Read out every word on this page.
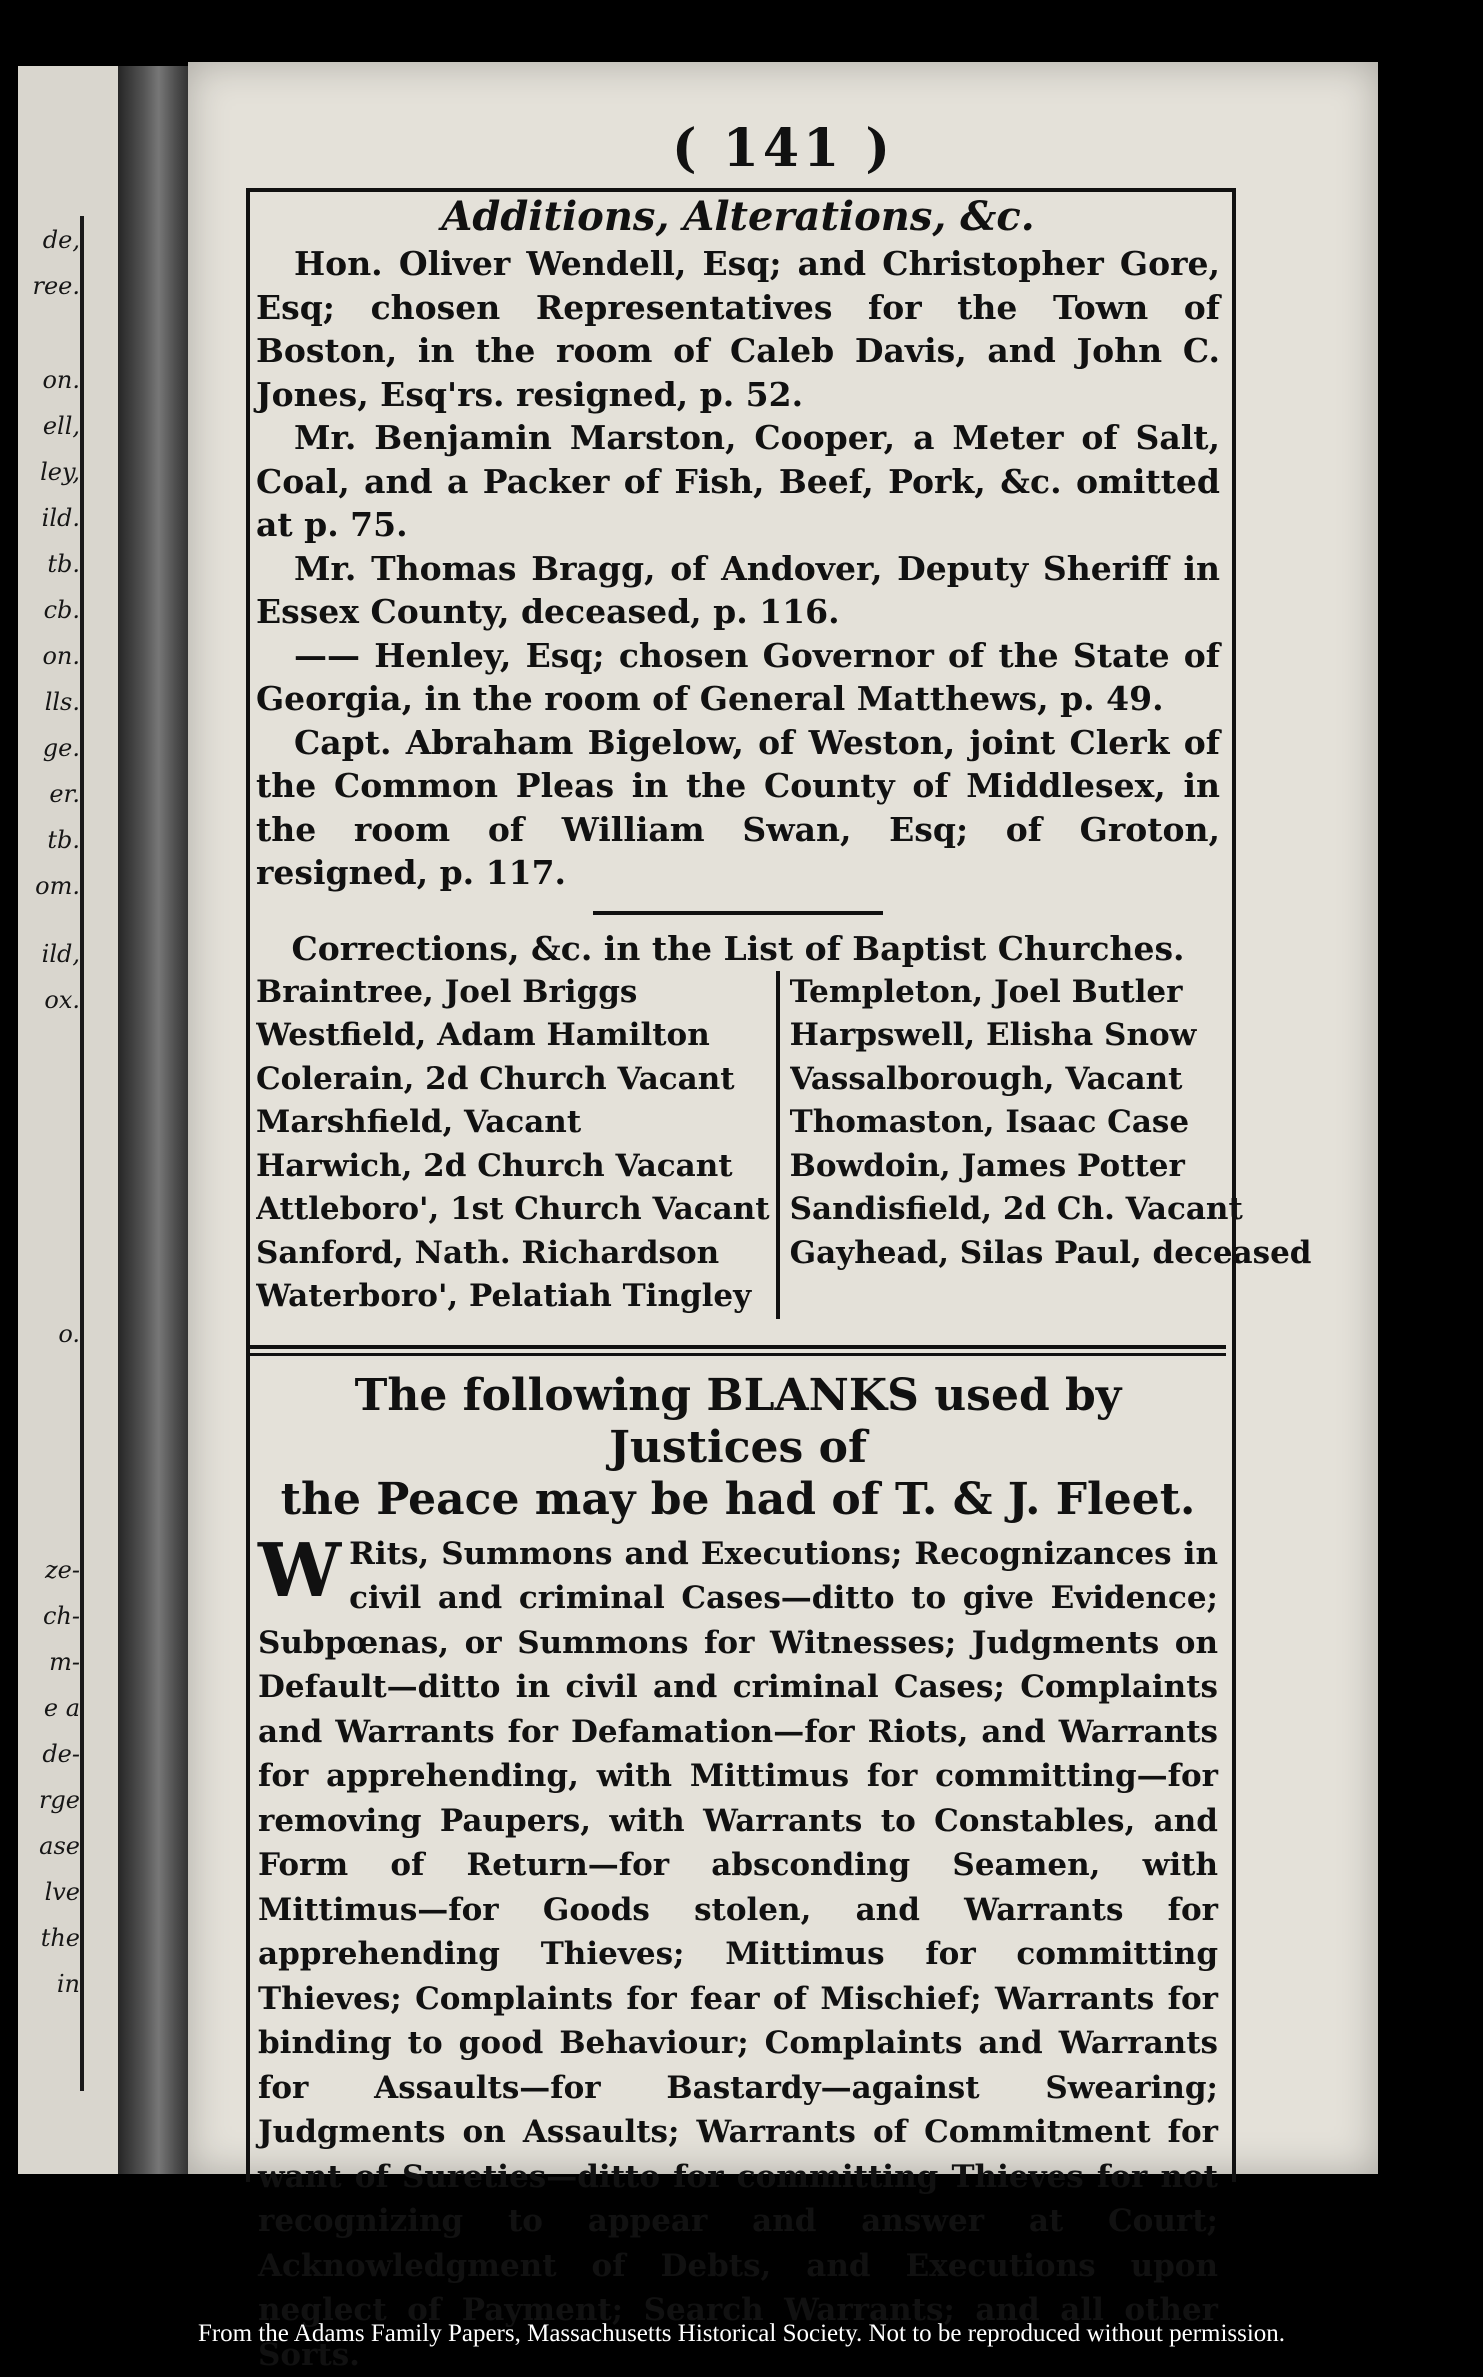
de,
ree.
on.
ell,
ley,
ild.
tb.
cb.
on.
lls.
ge.
er.
tb.
om.
ild,
ox.
o.
ze-
ch-
m-
e a
de-
rge
ase
lve
the
in
( 141 )
Additions, Alterations, &c.

Hon. Oliver Wendell, Esq; and Christopher Gore, Esq; chosen Representatives for the Town of Boston, in the room of Caleb Davis, and John C. Jones, Esq'rs. resigned, p. 52.

Mr. Benjamin Marston, Cooper, a Meter of Salt, Coal, and a Packer of Fish, Beef, Pork, &c. omitted at p. 75.

Mr. Thomas Bragg, of Andover, Deputy Sheriff in Essex County, deceased, p. 116.

—— Henley, Esq; chosen Governor of the State of Georgia, in the room of General Matthews, p. 49.

Capt. Abraham Bigelow, of Weston, joint Clerk of the Common Pleas in the County of Middlesex, in the room of William Swan, Esq; of Groton, resigned, p. 117.

Corrections, &c. in the List of Baptist Churches.

Braintree, Joel Briggs
Westfield, Adam Hamilton
Colerain, 2d Church Vacant
Marshfield, Vacant
Harwich, 2d Church Vacant
Attleboro', 1st Church Vacant
Sanford, Nath. Richardson
Waterboro', Pelatiah Tingley
Templeton, Joel Butler
Harpswell, Elisha Snow
Vassalborough, Vacant
Thomaston, Isaac Case
Bowdoin, James Potter
Sandisfield, 2d Ch. Vacant
Gayhead, Silas Paul, deceased

The following BLANKS used by Justices of

the Peace may be had of T. & J. Fleet.

W Rits, Summons and Executions; Recognizances in civil and criminal Cases—ditto to give Evidence; Subpœnas, or Summons for Witnesses; Judgments on Default—ditto in civil and criminal Cases; Complaints and Warrants for Defamation—for Riots, and Warrants for apprehending, with Mittimus for committing—for removing Paupers, with Warrants to Constables, and Form of Return—for absconding Seamen, with Mittimus—for Goods stolen, and Warrants for apprehending Thieves; Mittimus for committing Thieves; Complaints for fear of Mischief; Warrants for binding to good Behaviour; Complaints and Warrants for Assaults—for Bastardy—against Swearing; Judgments on Assaults; Warrants of Commitment for want of Sureties—ditto for committing Thieves for not recognizing to appear and answer at Court; Acknowledgment of Debts, and Executions upon neglect of Payment; Search Warrants; and all other Sorts.
From the Adams Family Papers, Massachusetts Historical Society. Not to be reproduced without permission.
